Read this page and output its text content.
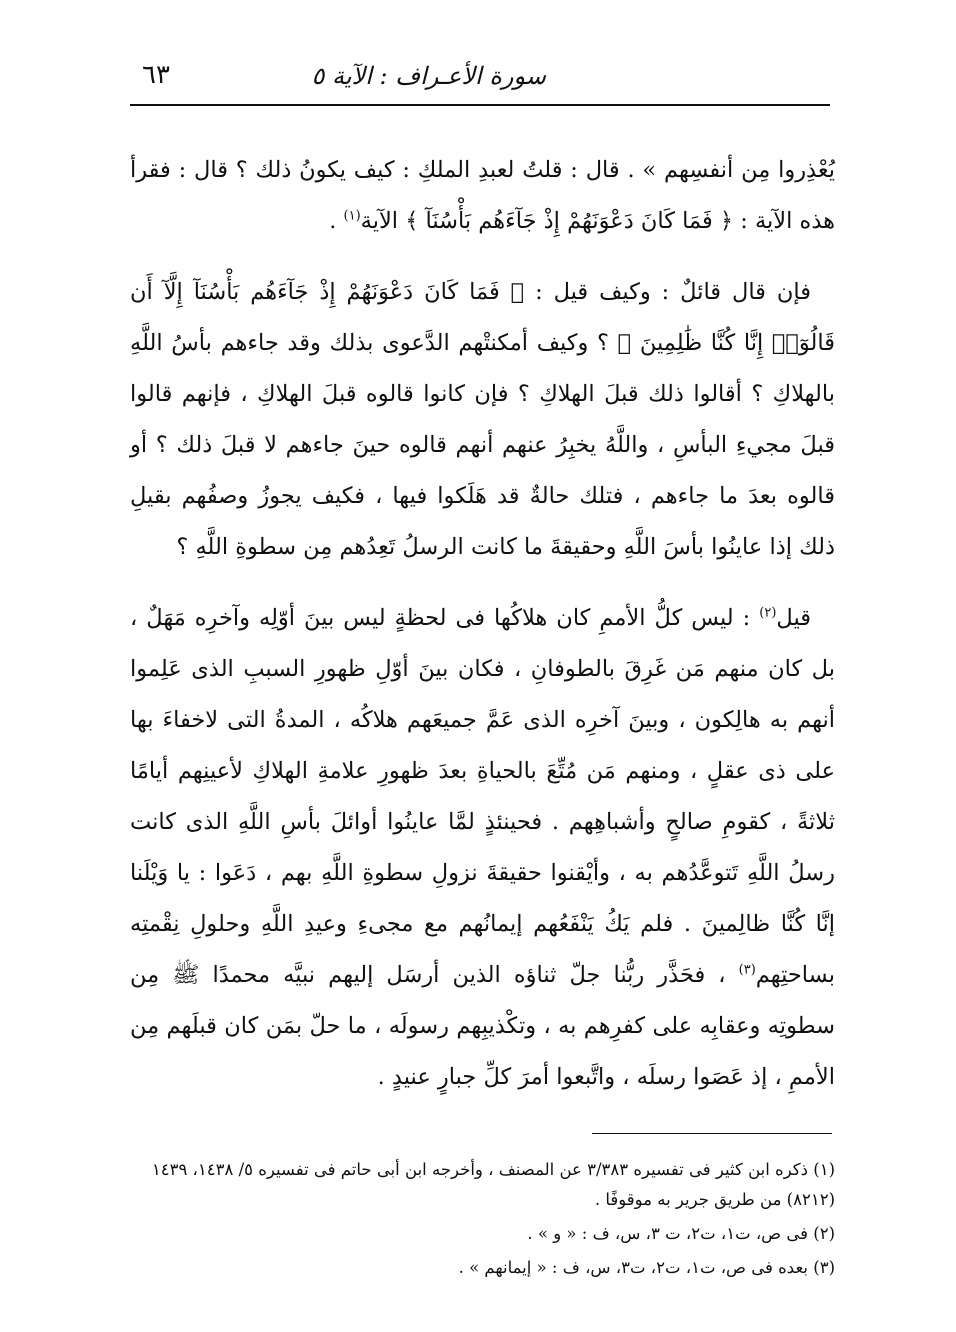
سورة الأعـراف : الآية ٥
٦٣

يُعْذِروا مِن أنفسِهم » . قال : قلتُ لعبدِ الملكِ : كيف يكونُ ذلك ؟ قال : فقرأ هذه الآية : ﴿ فَمَا كَانَ دَعْوَنَهُمْ إِذْ جَآءَهُم بَأْسُنَآ ﴾ الآية$^{(١)}$ .

فإن قال قائلٌ : وكيف قيل : ﴿ فَمَا كَانَ دَعْوَنَهُمْ إِذْ جَآءَهُم بَأْسُنَآ إِلَّآ أَن قَالُوٓا۟ إِنَّا كُنَّا ظَٰلِمِينَ ﴾ ؟ وكيف أمكنتْهم الدَّعوى بذلك وقد جاءهم بأسُ اللَّهِ بالهلاكِ ؟ أقالوا ذلك قبلَ الهلاكِ ؟ فإن كانوا قالوه قبلَ الهلاكِ ، فإنهم قالوا قبلَ مجيءِ البأسِ ، واللَّهُ يخبِرُ عنهم أنهم قالوه حينَ جاءهم لا قبلَ ذلك ؟ أو قالوه بعدَ ما جاءهم ، فتلك حالةٌ قد هَلَكوا فيها ، فكيف يجوزُ وصفُهم بقيلِ ذلك إذا عاينُوا بأسَ اللَّهِ وحقيقةَ ما كانت الرسلُ تَعِدُهم مِن سطوةِ اللَّهِ ؟

قيل$^{(٢)}$ : ليس كلُّ الأممِ كان هلاكُها فى لحظةٍ ليس بينَ أوّلِه وآخرِه مَهَلٌ ، بل كان منهم مَن غَرِقَ بالطوفانِ ، فكان بينَ أوّلِ ظهورِ السببِ الذى عَلِموا أنهم به هالِكون ، وبينَ آخرِه الذى عَمَّ جميعَهم هلاكُه ، المدةُ التى لاخفاءَ بها على ذى عقلٍ ، ومنهم مَن مُتِّعَ بالحياةِ بعدَ ظهورِ علامةِ الهلاكِ لأعينِهم أيامًا ثلاثةً ، كقومِ صالحٍ وأشباهِهم . فحينئذٍ لمَّا عاينُوا أوائلَ بأسِ اللَّهِ الذى كانت رسلُ اللَّهِ تَتوعَّدُهم به ، وأيْقنوا حقيقةَ نزولِ سطوةِ اللَّهِ بهم ، دَعَوا : يا وَيْلَنا إنَّا كُنَّا ظالِمينَ . فلم يَكُ يَنْفَعُهم إيمانُهم مع مجىءِ وعيدِ اللَّهِ وحلولِ نِقْمتِه بساحتِهم$^{(٣)}$ ، فحَذَّر ربُّنا جلّ ثناؤه الذين أرسَل إليهم نبيَّه محمدًا ﷺ مِن سطوتِه وعقابِه على كفرِهم به ، وتكْذيبِهم رسولَه ، ما حلّ بمَن كان قبلَهم مِن الأممِ ، إذ عَصَوا رسلَه ، واتَّبعوا أمرَ كلِّ جبارٍ عنيدٍ .

(١) ذكره ابن كثير فى تفسيره ٣/٣٨٣ عن المصنف ، وأخرجه ابن أبى حاتم فى تفسيره ٥/ ١٤٣٨، ١٤٣٩ (٨٢١٢) من طريق جرير به موقوفًا .

(٢) فى ص، ت١، ت٢، ت ٣، س، ف : « و » .

(٣) بعده فى ص، ت١، ت٢، ت٣، س، ف : « إيمانهم » .
